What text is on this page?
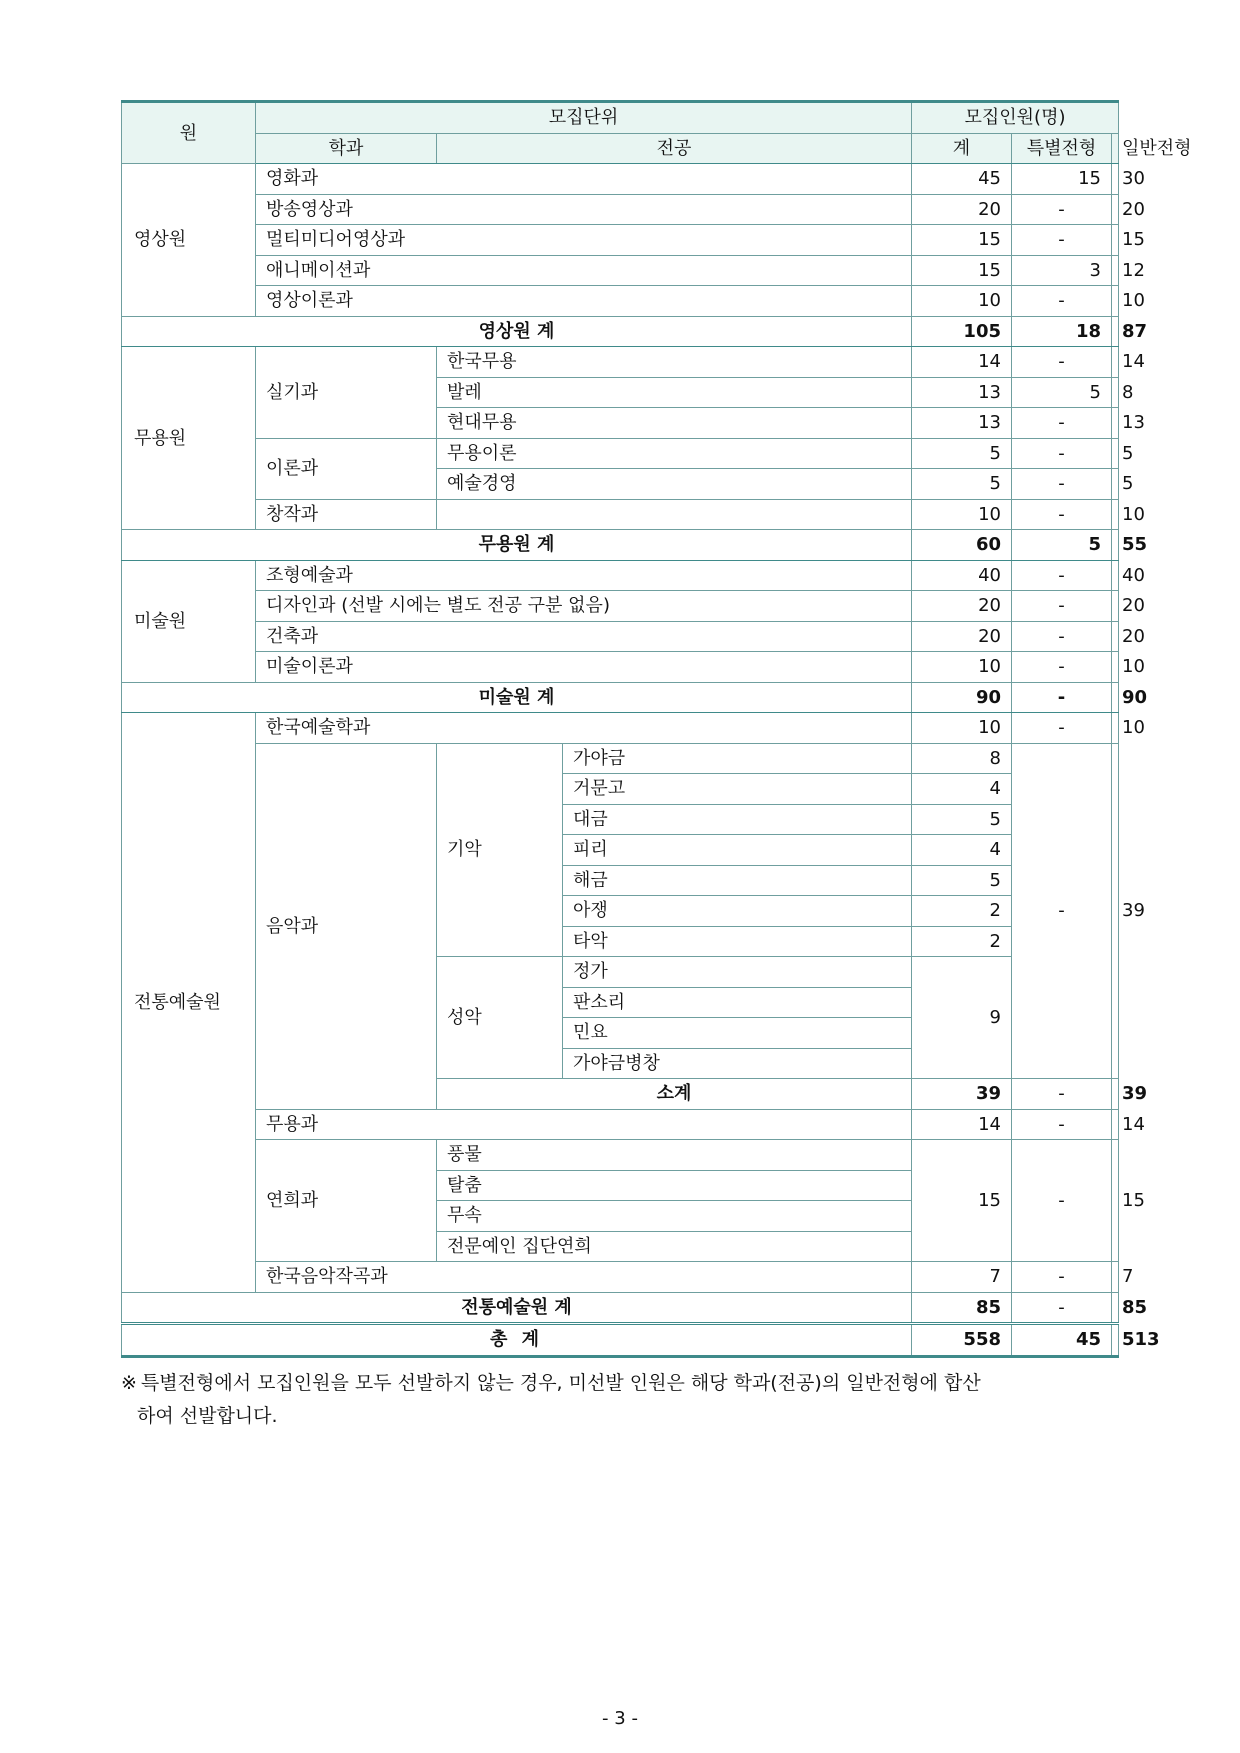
원	모집단위			모집인원(명)		
	학과	전공		계	특별전형	일반전형
영상원	영화과			45	15	30
	방송영상과			20	-	20
	멀티미디어영상과			15	-	15
	애니메이션과			15	3	12
	영상이론과			10	-	10
영상원 계				105	18	87
무용원	실기과	한국무용		14	-	14
		발레		13	5	8
		현대무용		13	-	13
	이론과	무용이론		5	-	5
		예술경영		5	-	5
	창작과			10	-	10
무용원 계				60	5	55
미술원	조형예술과			40	-	40
	디자인과 (선발 시에는 별도 전공 구분 없음)			20	-	20
	건축과			20	-	20
	미술이론과			10	-	10
미술원 계				90	-	90
전통예술원	한국예술학과			10	-	10
	음악과	기악	가야금	8	-	39
			거문고	4		
			대금	5		
			피리	4		
			해금	5		
			아쟁	2		
			타악	2		
		성악	정가	9		
			판소리			
			민요			
			가야금병창			
		소계		39	-	39
	무용과			14	-	14
	연희과	풍물		15	-	15
		탈춤				
		무속				
		전문예인 집단연희				
	한국음악작곡과			7	-	7
전통예술원 계				85	-	85
총 계				558	45	513
※ 특별전형에서 모집인원을 모두 선발하지 않는 경우, 미선발 인원은 해당 학과(전공)의 일반전형에 합산
하여 선발합니다.
- 3 -
